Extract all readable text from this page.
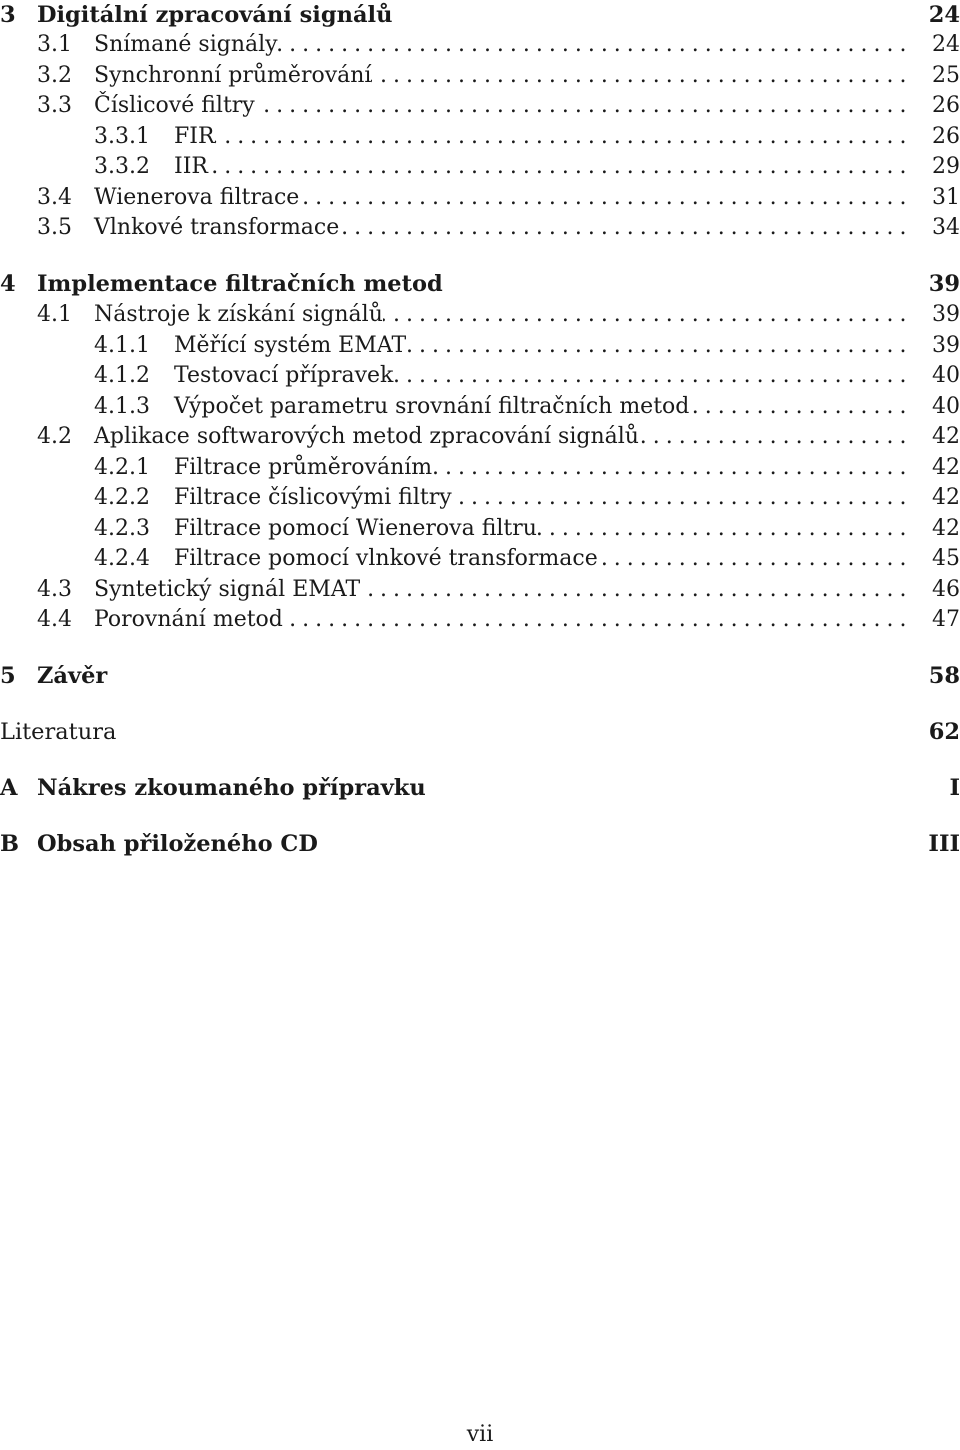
3 Digitální zpracování signálů	24
3.1	Snímané signály . . .	24
3.2	Synchronní průměrování . . .	25
3.3	Číslicové filtry . . .	26
3.3.1	FIR . . .	26
3.3.2	IIR . . .	29
3.4	Wienerova filtrace . . .	31
3.5	Vlnkové transformace . . .	34
4 Implementace filtračních metod	39
4.1	Nástroje k získání signálů . . .	39
4.1.1	Měřící systém EMAT . . .	39
4.1.2	Testovací přípravek . . .	40
4.1.3	Výpočet parametru srovnání filtračních metod . . .	40
4.2	Aplikace softwarových metod zpracování signálů . . .	42
4.2.1	Filtrace průměrováním . . .	42
4.2.2	Filtrace číslicovými filtry . . .	42
4.2.3	Filtrace pomocí Wienerova filtru . . .	42
4.2.4	Filtrace pomocí vlnkové transformace . . .	45
4.3	Syntetický signál EMAT . . .	46
4.4	Porovnání metod . . .	47
5 Závěr	58
Literatura	62
A Nákres zkoumaného přípravku	I
B Obsah přiloženého CD	III
vii
